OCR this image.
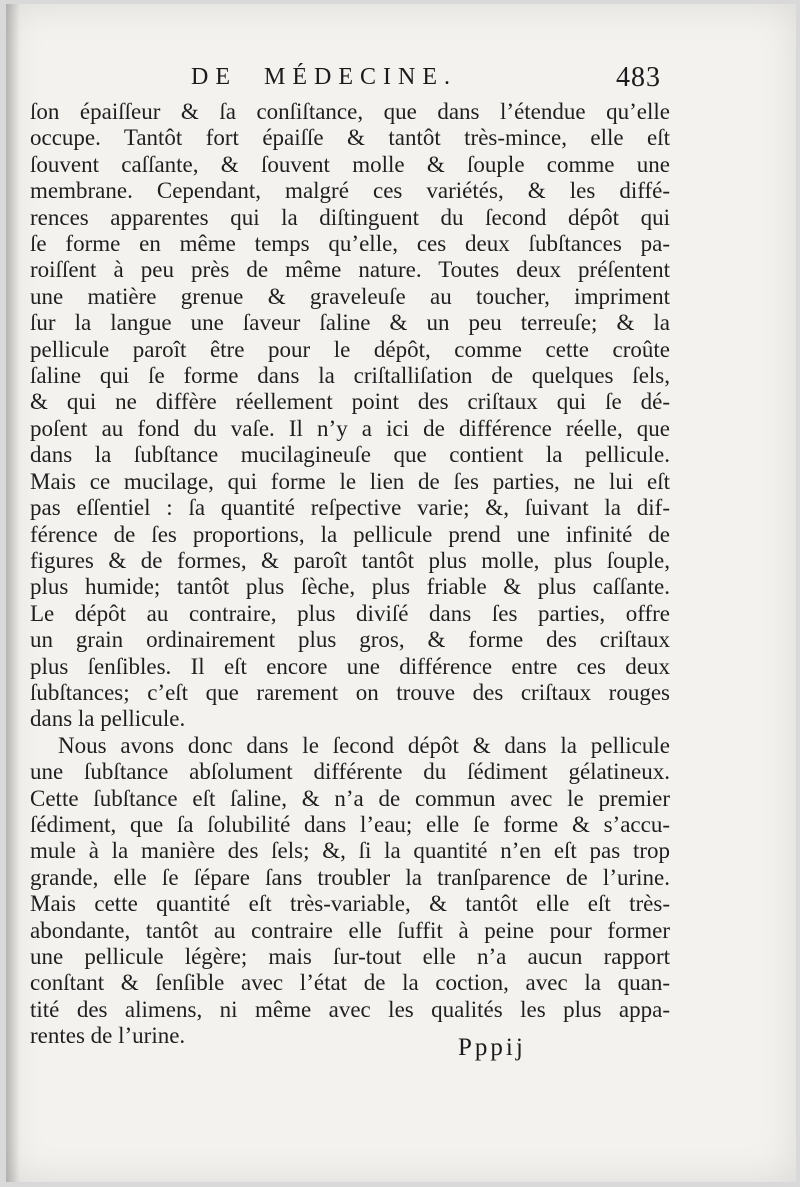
DE MÉDECINE.	483
ſon épaiſſeur & ſa conſiſtance, que dans l’étendue qu’elle
occupe. Tantôt fort épaiſſe & tantôt très-mince, elle eſt
ſouvent caſſante, & ſouvent molle & ſouple comme une
membrane. Cependant, malgré ces variétés, & les diffé-
rences apparentes qui la diſtinguent du ſecond dépôt qui
ſe forme en même temps qu’elle, ces deux ſubſtances pa-
roiſſent à peu près de même nature. Toutes deux préſentent
une matière grenue & graveleuſe au toucher, impriment
ſur la langue une ſaveur ſaline & un peu terreuſe; & la
pellicule paroît être pour le dépôt, comme cette croûte
ſaline qui ſe forme dans la criſtalliſation de quelques ſels,
& qui ne diffère réellement point des criſtaux qui ſe dé-
poſent au fond du vaſe. Il n’y a ici de différence réelle, que
dans la ſubſtance mucilagineuſe que contient la pellicule.
Mais ce mucilage, qui forme le lien de ſes parties, ne lui eſt
pas eſſentiel : ſa quantité reſpective varie; &, ſuivant la dif-
férence de ſes proportions, la pellicule prend une infinité de
figures & de formes, & paroît tantôt plus molle, plus ſouple,
plus humide; tantôt plus ſèche, plus friable & plus caſſante.
Le dépôt au contraire, plus diviſé dans ſes parties, offre
un grain ordinairement plus gros, & forme des criſtaux
plus ſenſibles. Il eſt encore une différence entre ces deux
ſubſtances; c’eſt que rarement on trouve des criſtaux rouges
dans la pellicule.
Nous avons donc dans le ſecond dépôt & dans la pellicule
une ſubſtance abſolument différente du ſédiment gélatineux.
Cette ſubſtance eſt ſaline, & n’a de commun avec le premier
ſédiment, que ſa ſolubilité dans l’eau; elle ſe forme & s’accu-
mule à la manière des ſels; &, ſi la quantité n’en eſt pas trop
grande, elle ſe ſépare ſans troubler la tranſparence de l’urine.
Mais cette quantité eſt très-variable, & tantôt elle eſt très-
abondante, tantôt au contraire elle ſuffit à peine pour former
une pellicule légère; mais ſur-tout elle n’a aucun rapport
conſtant & ſenſible avec l’état de la coction, avec la quan-
tité des alimens, ni même avec les qualités les plus appa-
rentes de l’urine.	Pppij
